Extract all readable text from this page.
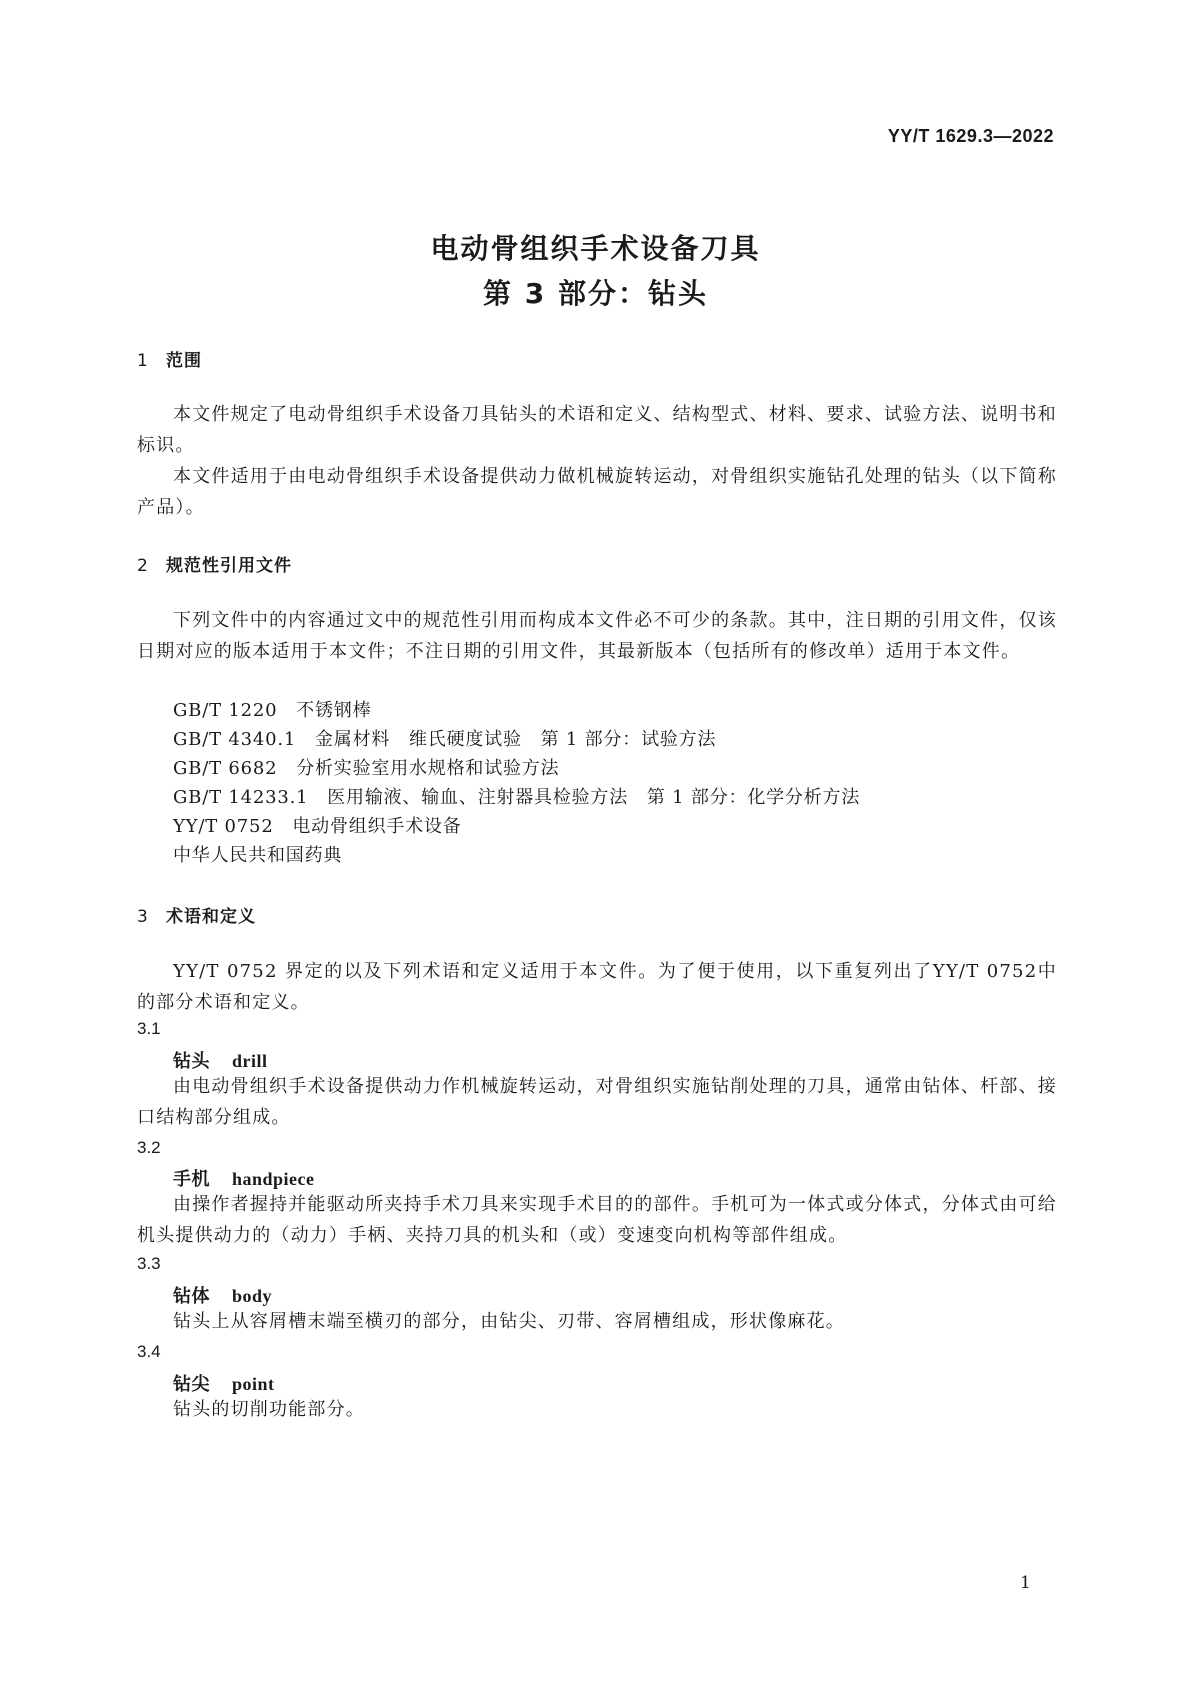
YY/T 1629.3—2022
电动骨组织手术设备刀具
第 3 部分：钻头
1 范围

本文件规定了电动骨组织手术设备刀具钻头的术语和定义、结构型式、材料、要求、试验方法、说明书和标识。

本文件适用于由电动骨组织手术设备提供动力做机械旋转运动，对骨组织实施钻孔处理的钻头（以下简称产品）。

2 规范性引用文件

下列文件中的内容通过文中的规范性引用而构成本文件必不可少的条款。其中，注日期的引用文件，仅该日期对应的版本适用于本文件；不注日期的引用文件，其最新版本（包括所有的修改单）适用于本文件。

GB/T 1220　不锈钢棒
GB/T 4340.1　金属材料　维氏硬度试验　第 1 部分：试验方法
GB/T 6682　分析实验室用水规格和试验方法
GB/T 14233.1　医用输液、输血、注射器具检验方法　第 1 部分：化学分析方法
YY/T 0752　电动骨组织手术设备
中华人民共和国药典
3 术语和定义

YY/T 0752 界定的以及下列术语和定义适用于本文件。为了便于使用，以下重复列出了YY/T 0752中的部分术语和定义。

3.1
钻头 drill

由电动骨组织手术设备提供动力作机械旋转运动，对骨组织实施钻削处理的刀具，通常由钻体、杆部、接口结构部分组成。

3.2
手机 handpiece

由操作者握持并能驱动所夹持手术刀具来实现手术目的的部件。手机可为一体式或分体式，分体式由可给机头提供动力的（动力）手柄、夹持刀具的机头和（或）变速变向机构等部件组成。

3.3
钻体 body

钻头上从容屑槽末端至横刃的部分，由钻尖、刃带、容屑槽组成，形状像麻花。

3.4
钻尖 point

钻头的切削功能部分。

1
